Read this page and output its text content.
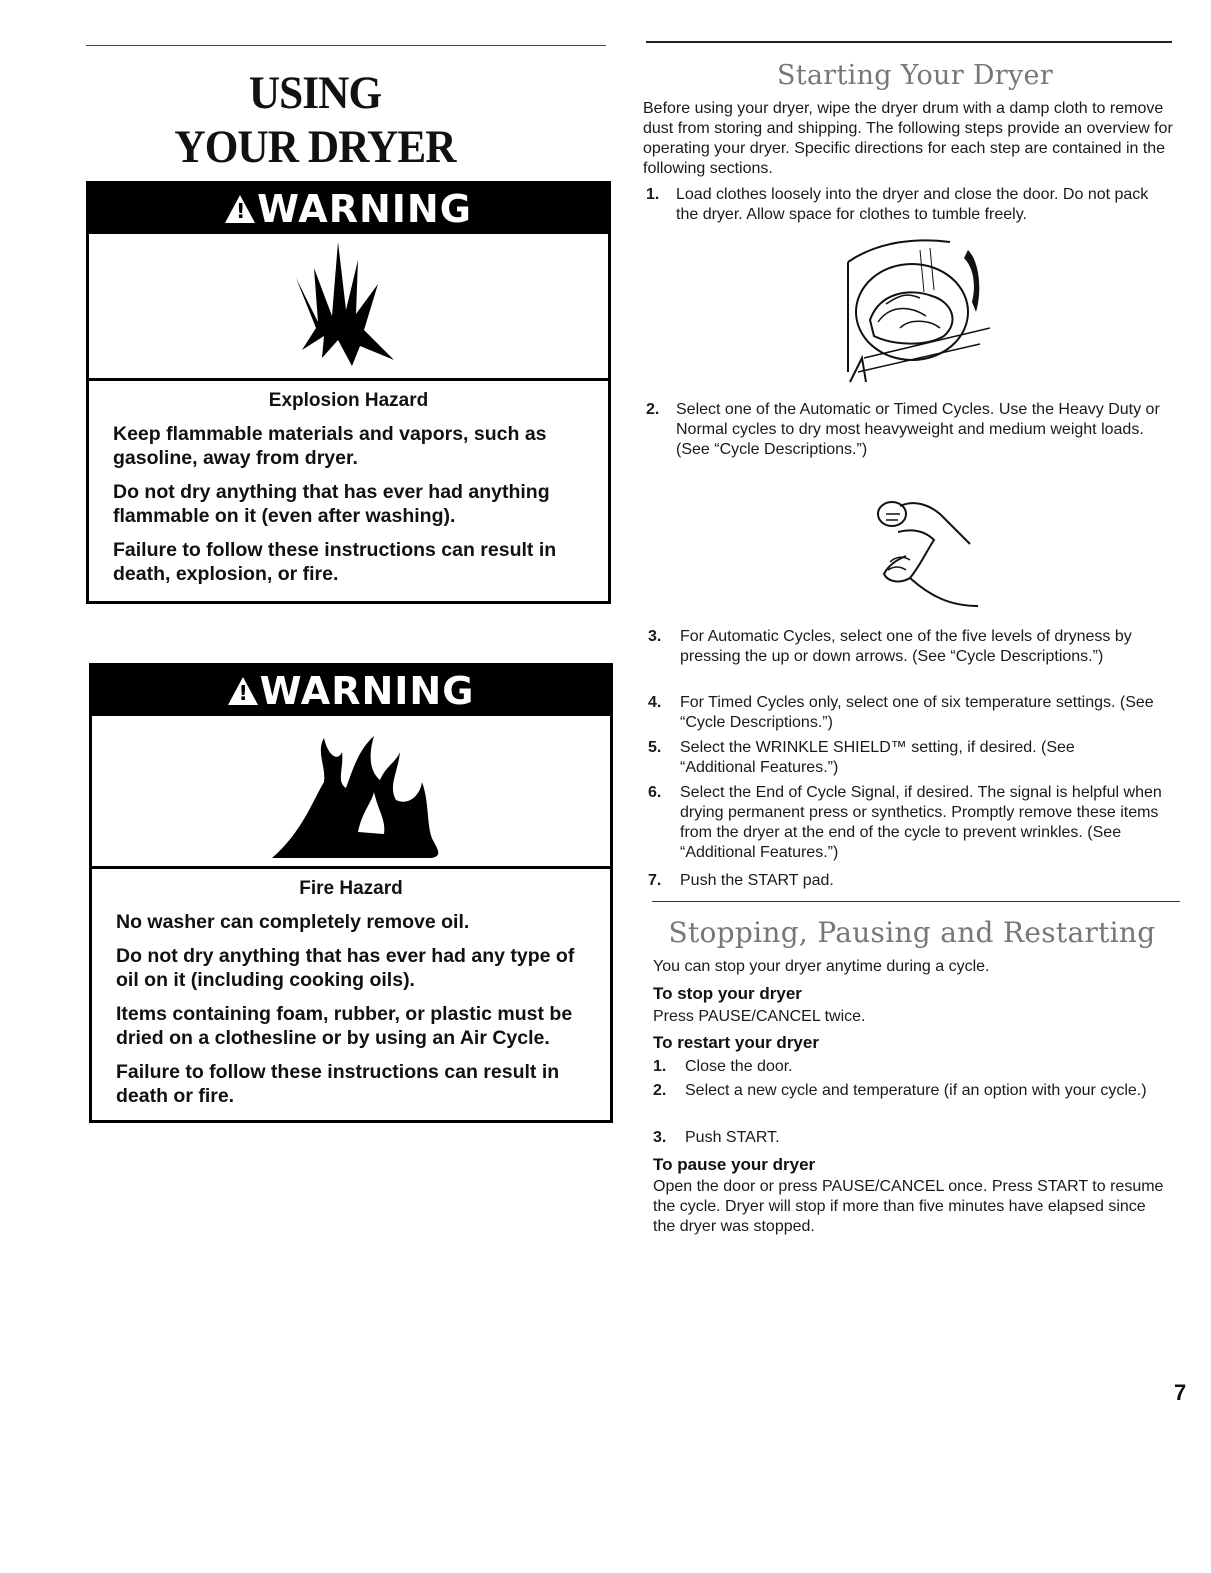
USING
YOUR DRYER
! WARNING
Explosion Hazard

Keep flammable materials and vapors, such as gasoline, away from dryer.

Do not dry anything that has ever had anything flammable on it (even after washing).

Failure to follow these instructions can result in death, explosion, or fire.

! WARNING
Fire Hazard

No washer can completely remove oil.

Do not dry anything that has ever had any type of oil on it (including cooking oils).

Items containing foam, rubber, or plastic must be dried on a clothesline or by using an Air Cycle.

Failure to follow these instructions can result in death or fire.

Starting Your Dryer
Before using your dryer, wipe the dryer drum with a damp cloth to remove dust from storing and shipping. The following steps provide an overview for operating your dryer. Specific directions for each step are contained in the following sections.
1. Load clothes loosely into the dryer and close the door. Do not pack the dryer. Allow space for clothes to tumble freely.
2. Select one of the Automatic or Timed Cycles. Use the Heavy Duty or Normal cycles to dry most heavyweight and medium weight loads. (See “Cycle Descriptions.”)
3. For Automatic Cycles, select one of the five levels of dryness by pressing the up or down arrows. (See “Cycle Descriptions.”)
4. For Timed Cycles only, select one of six temperature settings. (See “Cycle Descriptions.”)
5. Select the WRINKLE SHIELD™ setting, if desired. (See “Additional Features.”)
6. Select the End of Cycle Signal, if desired. The signal is helpful when drying permanent press or synthetics. Promptly remove these items from the dryer at the end of the cycle to prevent wrinkles. (See “Additional Features.”)
7. Push the START pad.
Stopping, Pausing and Restarting
You can stop your dryer anytime during a cycle.
To stop your dryer
Press PAUSE/CANCEL twice.
To restart your dryer
1. Close the door.
2. Select a new cycle and temperature (if an option with your cycle.)
3. Push START.
To pause your dryer
Open the door or press PAUSE/CANCEL once. Press START to resume the cycle. Dryer will stop if more than five minutes have elapsed since the dryer was stopped.
7
